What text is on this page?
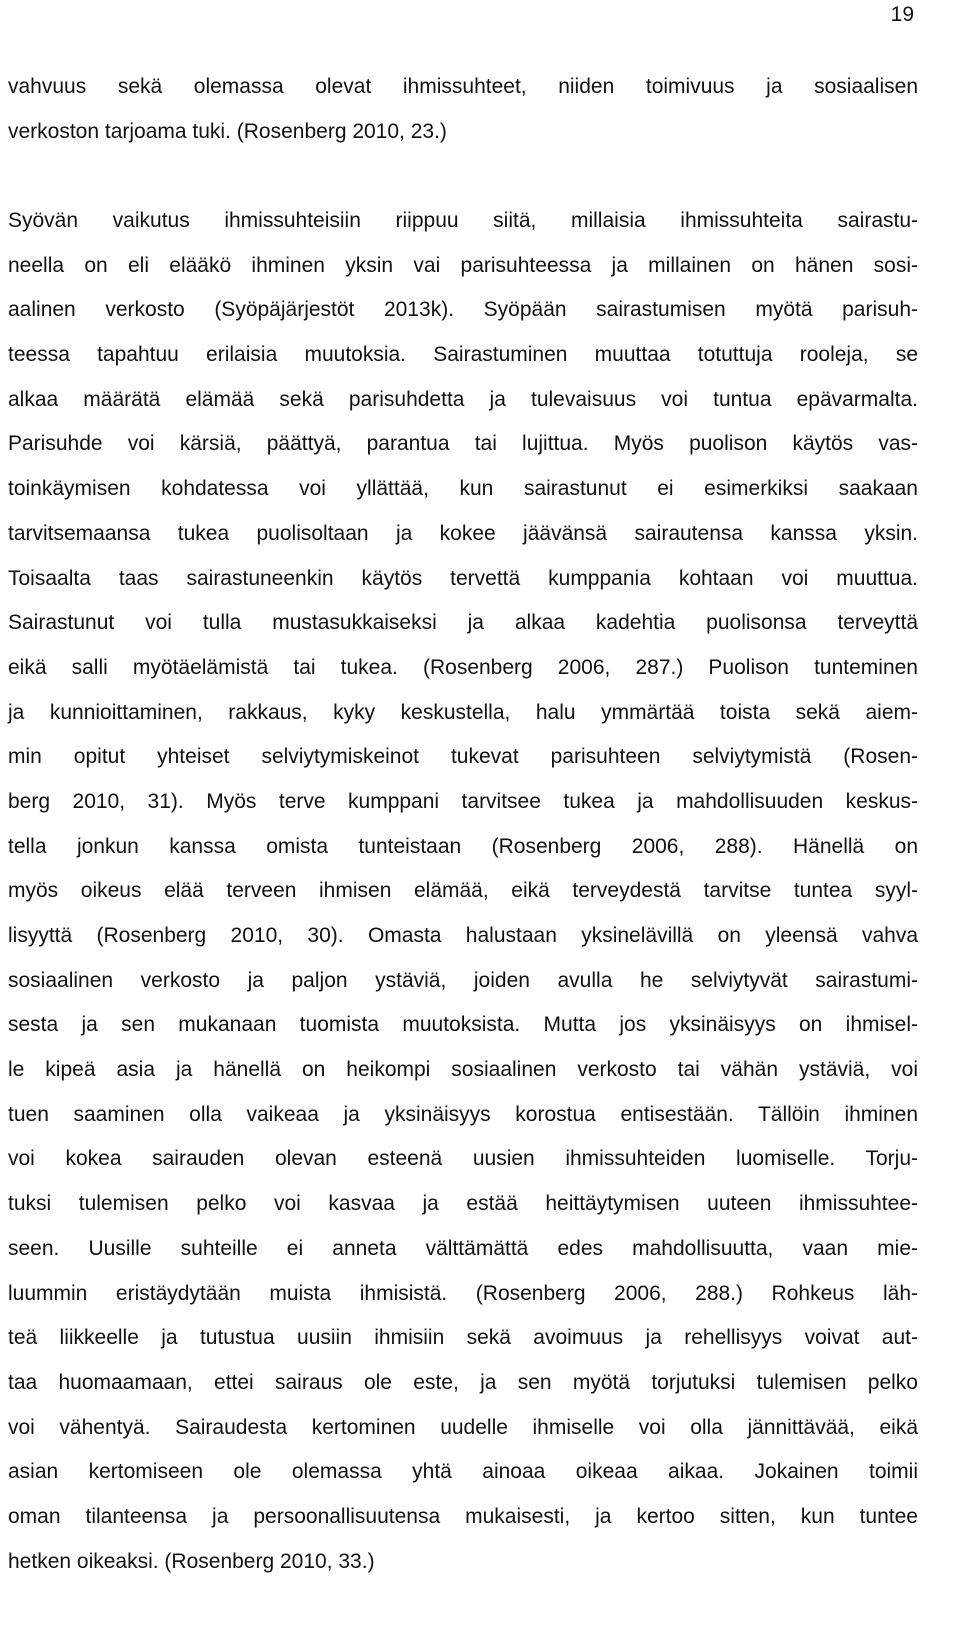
19
vahvuus sekä olemassa olevat ihmissuhteet, niiden toimivuus ja sosiaalisen
verkoston tarjoama tuki. (Rosenberg 2010, 23.)
Syövän vaikutus ihmissuhteisiin riippuu siitä, millaisia ihmissuhteita sairastu-
neella on eli elääkö ihminen yksin vai parisuhteessa ja millainen on hänen sosi-
aalinen verkosto (Syöpäjärjestöt 2013k). Syöpään sairastumisen myötä parisuh-
teessa tapahtuu erilaisia muutoksia. Sairastuminen muuttaa totuttuja rooleja, se
alkaa määrätä elämää sekä parisuhdetta ja tulevaisuus voi tuntua epävarmalta.
Parisuhde voi kärsiä, päättyä, parantua tai lujittua. Myös puolison käytös vas-
toinkäymisen kohdatessa voi yllättää, kun sairastunut ei esimerkiksi saakaan
tarvitsemaansa tukea puolisoltaan ja kokee jäävänsä sairautensa kanssa yksin.
Toisaalta taas sairastuneenkin käytös tervettä kumppania kohtaan voi muuttua.
Sairastunut voi tulla mustasukkaiseksi ja alkaa kadehtia puolisonsa terveyttä
eikä salli myötäelämistä tai tukea. (Rosenberg 2006, 287.) Puolison tunteminen
ja kunnioittaminen, rakkaus, kyky keskustella, halu ymmärtää toista sekä aiem-
min opitut yhteiset selviytymiskeinot tukevat parisuhteen selviytymistä (Rosen-
berg 2010, 31). Myös terve kumppani tarvitsee tukea ja mahdollisuuden keskus-
tella jonkun kanssa omista tunteistaan (Rosenberg 2006, 288). Hänellä on
myös oikeus elää terveen ihmisen elämää, eikä terveydestä tarvitse tuntea syyl-
lisyyttä (Rosenberg 2010, 30). Omasta halustaan yksinelävillä on yleensä vahva
sosiaalinen verkosto ja paljon ystäviä, joiden avulla he selviytyvät sairastumi-
sesta ja sen mukanaan tuomista muutoksista. Mutta jos yksinäisyys on ihmisel-
le kipeä asia ja hänellä on heikompi sosiaalinen verkosto tai vähän ystäviä, voi
tuen saaminen olla vaikeaa ja yksinäisyys korostua entisestään. Tällöin ihminen
voi kokea sairauden olevan esteenä uusien ihmissuhteiden luomiselle. Torju-
tuksi tulemisen pelko voi kasvaa ja estää heittäytymisen uuteen ihmissuhtee-
seen. Uusille suhteille ei anneta välttämättä edes mahdollisuutta, vaan mie-
luummin eristäydytään muista ihmisistä. (Rosenberg 2006, 288.) Rohkeus läh-
teä liikkeelle ja tutustua uusiin ihmisiin sekä avoimuus ja rehellisyys voivat aut-
taa huomaamaan, ettei sairaus ole este, ja sen myötä torjutuksi tulemisen pelko
voi vähentyä. Sairaudesta kertominen uudelle ihmiselle voi olla jännittävää, eikä
asian kertomiseen ole olemassa yhtä ainoaa oikeaa aikaa. Jokainen toimii
oman tilanteensa ja persoonallisuutensa mukaisesti, ja kertoo sitten, kun tuntee
hetken oikeaksi. (Rosenberg 2010, 33.)
